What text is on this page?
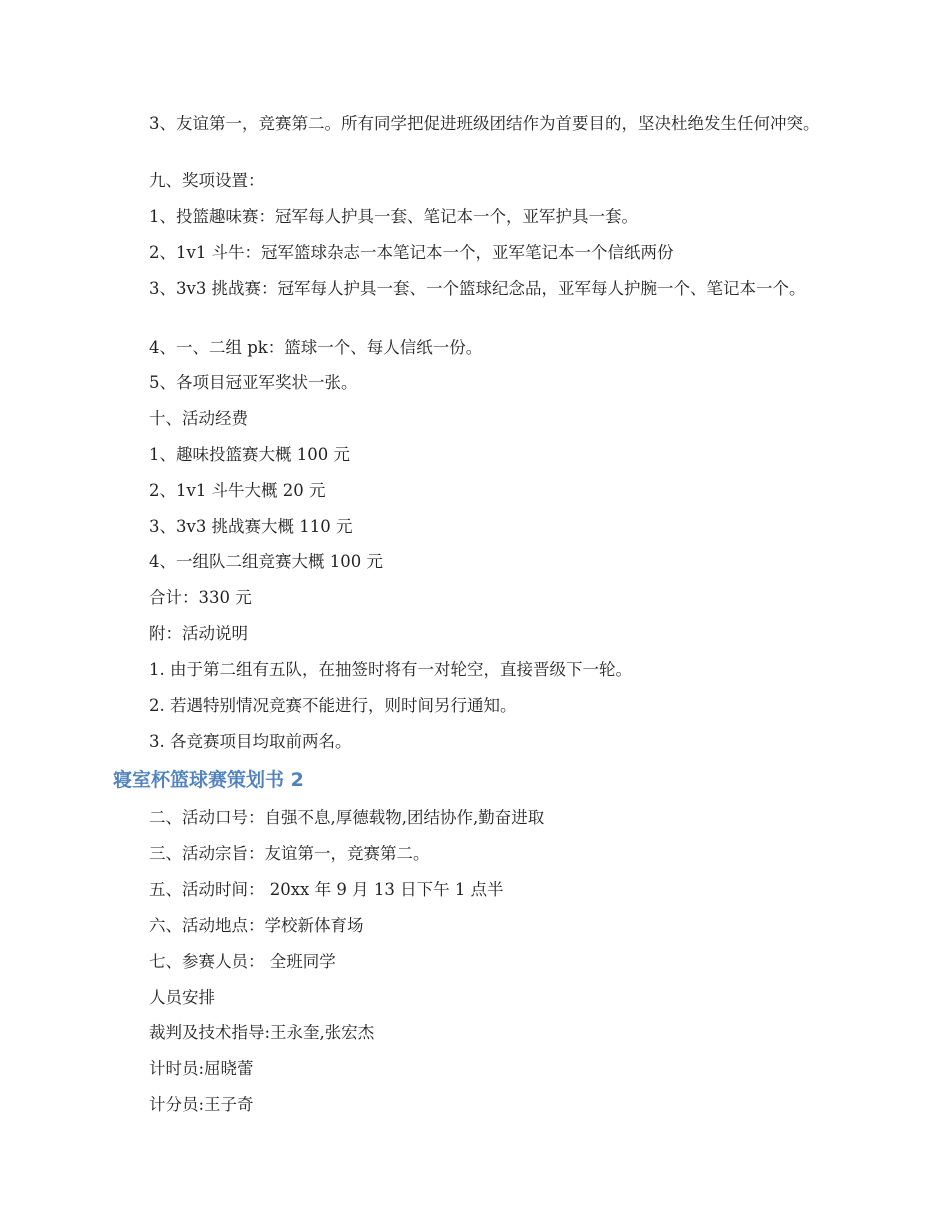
3、友谊第一，竞赛第二。所有同学把促进班级团结作为首要目的，坚决杜绝发生任何冲突。

九、奖项设置：

1、投篮趣味赛：冠军每人护具一套、笔记本一个，亚军护具一套。

2、1v1 斗牛：冠军篮球杂志一本笔记本一个，亚军笔记本一个信纸两份

3、3v3 挑战赛：冠军每人护具一套、一个篮球纪念品，亚军每人护腕一个、笔记本一个。

4、一、二组 pk：篮球一个、每人信纸一份。

5、各项目冠亚军奖状一张。

十、活动经费

1、趣味投篮赛大概 100 元

2、1v1 斗牛大概 20 元

3、3v3 挑战赛大概 110 元

4、一组队二组竞赛大概 100 元

合计：330 元

附：活动说明

1. 由于第二组有五队，在抽签时将有一对轮空，直接晋级下一轮。

2. 若遇特别情况竞赛不能进行，则时间另行通知。

3. 各竞赛项目均取前两名。

寝室杯篮球赛策划书 2

二、活动口号：自强不息,厚德载物,团结协作,勤奋进取

三、活动宗旨：友谊第一，竞赛第二。

五、活动时间： 20xx 年 9 月 13 日下午 1 点半

六、活动地点：学校新体育场

七、参赛人员： 全班同学

人员安排

裁判及技术指导:王永奎,张宏杰

计时员:屈晓蕾

计分员:王子奇
